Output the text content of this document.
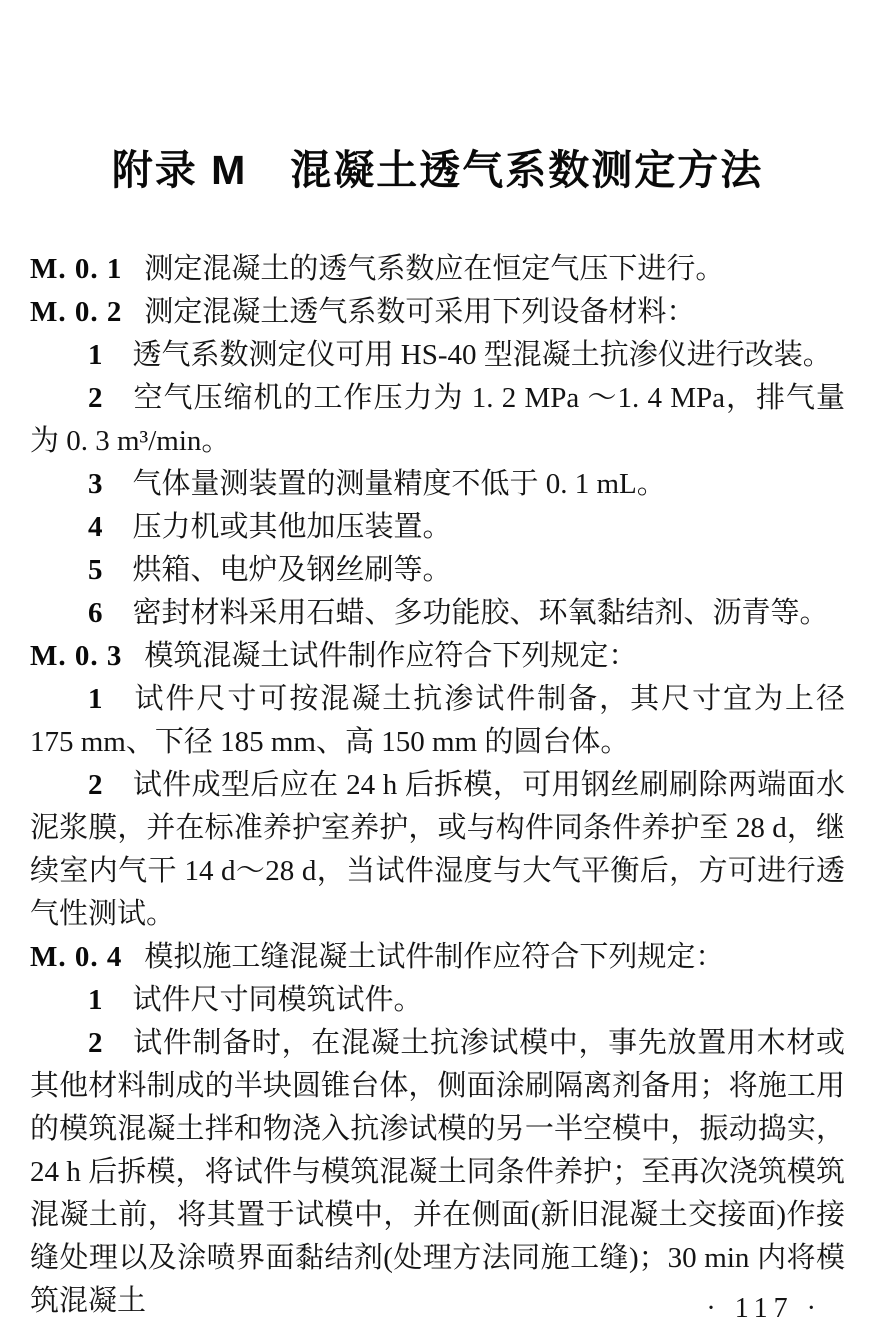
附录 M　混凝土透气系数测定方法

M. 0. 1 测定混凝土的透气系数应在恒定气压下进行。

M. 0. 2 测定混凝土透气系数可采用下列设备材料：

1 透气系数测定仪可用 HS-40 型混凝土抗渗仪进行改装。

2 空气压缩机的工作压力为 1. 2 MPa ～1. 4 MPa，排气量为 0. 3 m³/min。

3 气体量测装置的测量精度不低于 0. 1 mL。

4 压力机或其他加压装置。

5 烘箱、电炉及钢丝刷等。

6 密封材料采用石蜡、多功能胶、环氧黏结剂、沥青等。

M. 0. 3 模筑混凝土试件制作应符合下列规定：

1 试件尺寸可按混凝土抗渗试件制备，其尺寸宜为上径 175 mm、下径 185 mm、高 150 mm 的圆台体。

2 试件成型后应在 24 h 后拆模，可用钢丝刷刷除两端面水泥浆膜，并在标准养护室养护，或与构件同条件养护至 28 d，继续室内气干 14 d～28 d，当试件湿度与大气平衡后，方可进行透气性测试。

M. 0. 4 模拟施工缝混凝土试件制作应符合下列规定：

1 试件尺寸同模筑试件。

2 试件制备时，在混凝土抗渗试模中，事先放置用木材或其他材料制成的半块圆锥台体，侧面涂刷隔离剂备用；将施工用的模筑混凝土拌和物浇入抗渗试模的另一半空模中，振动捣实，24 h 后拆模，将试件与模筑混凝土同条件养护；至再次浇筑模筑混凝土前，将其置于试模中，并在侧面(新旧混凝土交接面)作接缝处理以及涂喷界面黏结剂(处理方法同施工缝)；30 min 内将模筑混凝土	· 117 ·
